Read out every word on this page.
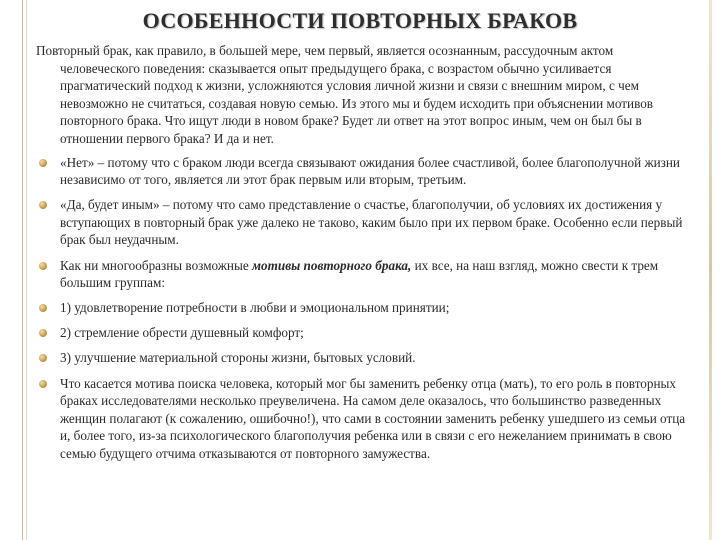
ОСОБЕННОСТИ ПОВТОРНЫХ БРАКОВ

Повторный брак, как правило, в большей мере, чем первый, является осознанным, рассудочным актом человеческого поведения: сказывается опыт предыдущего брака, с возрастом обычно усиливается прагматический подход к жизни, усложняются условия личной жизни и связи с внешним миром, с чем невозможно не считаться, создавая новую семью. Из этого мы и будем исходить при объяснении мотивов повторного брака. Что ищут люди в новом браке? Будет ли ответ на этот вопрос иным, чем он был бы в отношении первого брака? И да и нет.

«Нет» – потому что с браком люди всегда связывают ожидания более счастливой, более благополучной жизни независимо от того, является ли этот брак первым или вторым, третьим.
«Да, будет иным» – потому что само представление о счастье, благополучии, об условиях их достижения у вступающих в повторный брак уже далеко не таково, каким было при их первом браке. Особенно если первый брак был неудачным.
Как ни многообразны возможные мотивы повторного брака, их все, на наш взгляд, можно свести к трем большим группам:
1) удовлетворение потребности в любви и эмоциональном принятии;
2) стремление обрести душевный комфорт;
3) улучшение материальной стороны жизни, бытовых условий.
Что касается мотива поиска человека, который мог бы заменить ребенку отца (мать), то его роль в повторных браках исследователями несколько преувеличена. На самом деле оказалось, что большинство разведенных женщин полагают (к сожалению, ошибочно!), что сами в состоянии заменить ребенку ушедшего из семьи отца и, более того, из-за психологического благополучия ребенка или в связи с его нежеланием принимать в свою семью будущего отчима отказываются от повторного замужества.
